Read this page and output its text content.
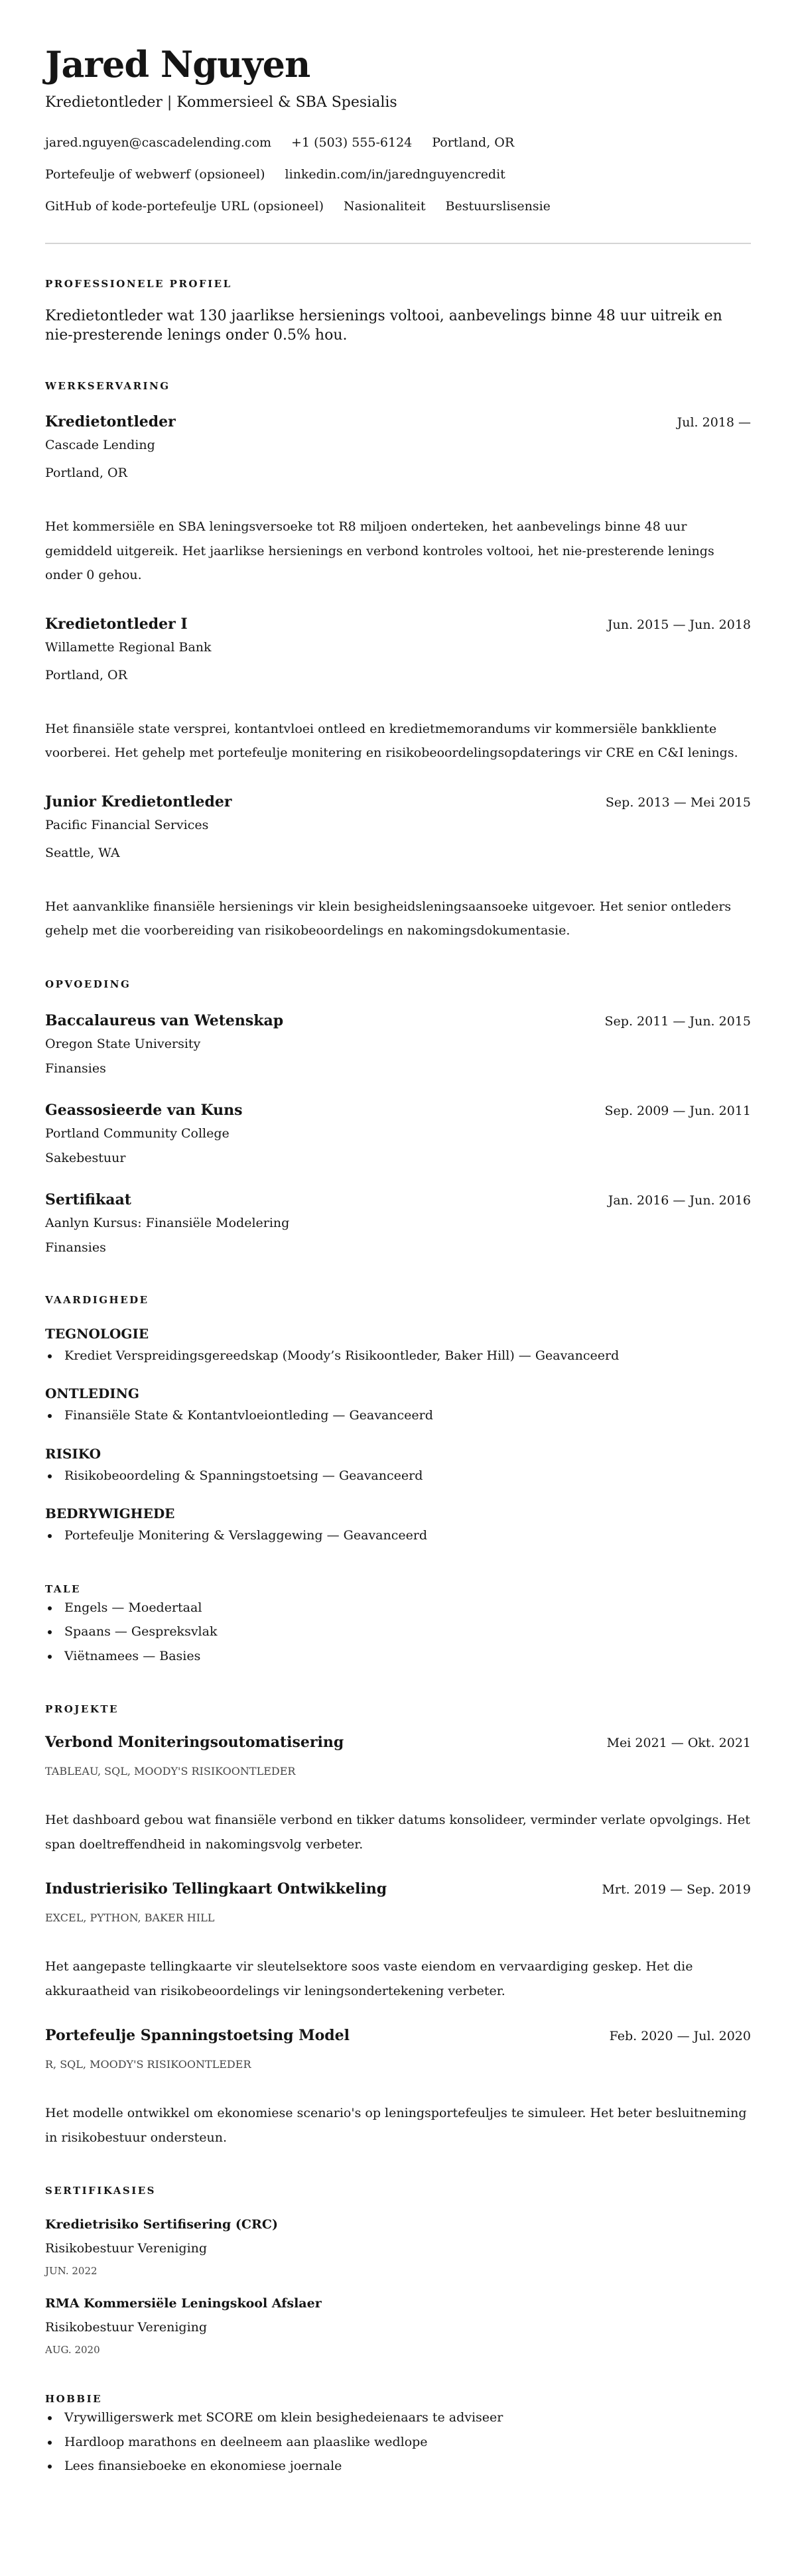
Jared Nguyen
Kredietontleder | Kommersieel & SBA Spesialis
jared.nguyen@cascadelending.com +1 (503) 555-6124 Portland, OR
Portefeulje of webwerf (opsioneel) linkedin.com/in/jarednguyencredit
GitHub of kode-portefeulje URL (opsioneel) Nasionaliteit Bestuurslisensie
PROFESSIONELE PROFIEL

Kredietontleder wat 130 jaarlikse hersienings voltooi, aanbevelings binne 48 uur uitreik en nie-presterende lenings onder 0.5% hou.

WERKSERVARING
Kredietontleder	Jul. 2018 —
Cascade Lending
Portland, OR
Het kommersiële en SBA leningsversoeke tot R8 miljoen onderteken, het aanbevelings binne 48 uur gemiddeld uitgereik. Het jaarlikse hersienings en verbond kontroles voltooi, het nie-presterende lenings onder 0 gehou.
Kredietontleder I	Jun. 2015 — Jun. 2018
Willamette Regional Bank
Portland, OR
Het finansiële state versprei, kontantvloei ontleed en kredietmemorandums vir kommersiële bankkliente voorberei. Het gehelp met portefeulje monitering en risikobeoordelingsopdaterings vir CRE en C&I lenings.
Junior Kredietontleder	Sep. 2013 — Mei 2015
Pacific Financial Services
Seattle, WA
Het aanvanklike finansiële hersienings vir klein besigheidsleningsaansoeke uitgevoer. Het senior ontleders gehelp met die voorbereiding van risikobeoordelings en nakomingsdokumentasie.
OPVOEDING
Baccalaureus van Wetenskap	Sep. 2011 — Jun. 2015
Oregon State University
Finansies
Geassosieerde van Kuns	Sep. 2009 — Jun. 2011
Portland Community College
Sakebestuur
Sertifikaat	Jan. 2016 — Jun. 2016
Aanlyn Kursus: Finansiële Modelering
Finansies
VAARDIGHEDE
TEGNOLOGIE
Krediet Verspreidingsgereedskap (Moody’s Risikoontleder, Baker Hill) — Geavanceerd
ONTLEDING
Finansiële State & Kontantvloeiontleding — Geavanceerd
RISIKO
Risikobeoordeling & Spanningstoetsing — Geavanceerd
BEDRYWIGHEDE
Portefeulje Monitering & Verslaggewing — Geavanceerd
TALE
Engels — Moedertaal
Spaans — Gespreksvlak
Viëtnamees — Basies
PROJEKTE
Verbond Moniteringsoutomatisering	Mei 2021 — Okt. 2021
TABLEAU, SQL, MOODY'S RISIKOONTLEDER
Het dashboard gebou wat finansiële verbond en tikker datums konsolideer, verminder verlate opvolgings. Het span doeltreffendheid in nakomingsvolg verbeter.
Industrierisiko Tellingkaart Ontwikkeling	Mrt. 2019 — Sep. 2019
EXCEL, PYTHON, BAKER HILL
Het aangepaste tellingkaarte vir sleutelsektore soos vaste eiendom en vervaardiging geskep. Het die akkuraatheid van risikobeoordelings vir leningsondertekening verbeter.
Portefeulje Spanningstoetsing Model	Feb. 2020 — Jul. 2020
R, SQL, MOODY'S RISIKOONTLEDER
Het modelle ontwikkel om ekonomiese scenario's op leningsportefeuljes te simuleer. Het beter besluitneming in risikobestuur ondersteun.
SERTIFIKASIES
Kredietrisiko Sertifisering (CRC)
Risikobestuur Vereniging
JUN. 2022
RMA Kommersiële Leningskool Afslaer
Risikobestuur Vereniging
AUG. 2020
HOBBIE
Vrywilligerswerk met SCORE om klein besighedeienaars te adviseer
Hardloop marathons en deelneem aan plaaslike wedlope
Lees finansieboeke en ekonomiese joernale
